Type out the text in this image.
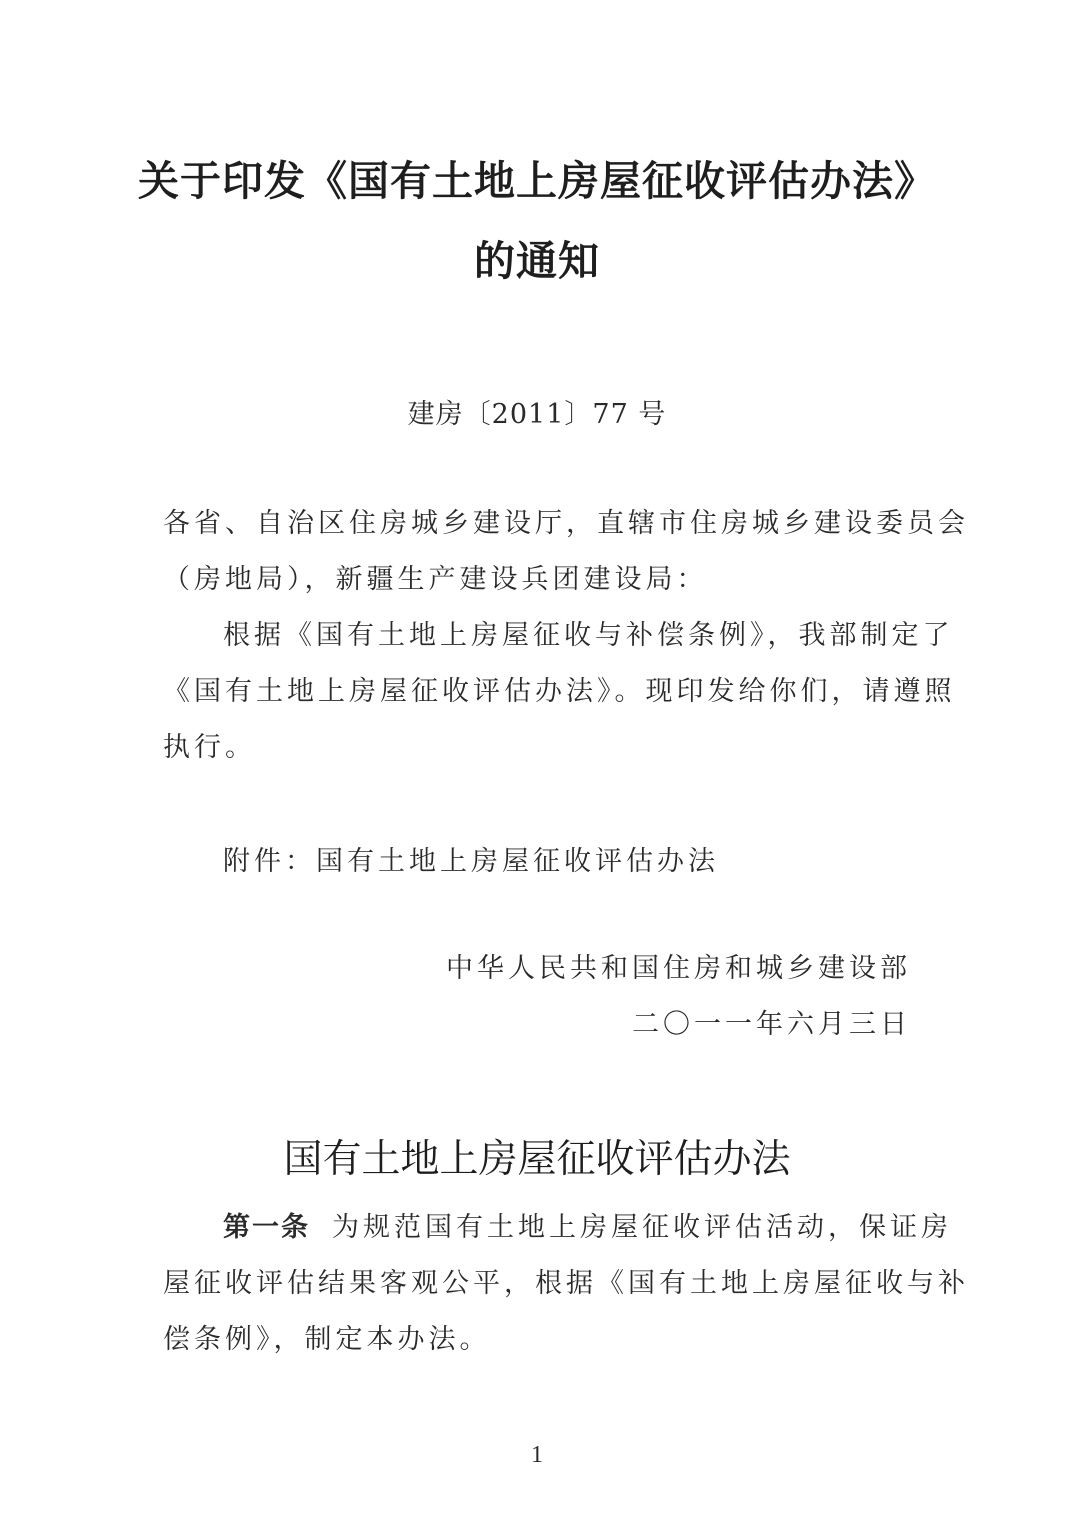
关于印发《国有土地上房屋征收评估办法》
的通知
建房〔2011〕77 号
各省、自治区住房城乡建设厅，直辖市住房城乡建设委员会
（房地局），新疆生产建设兵团建设局：
根据《国有土地上房屋征收与补偿条例》，我部制定了
《国有土地上房屋征收评估办法》。现印发给你们，请遵照
执行。
附件：国有土地上房屋征收评估办法
中华人民共和国住房和城乡建设部
二〇一一年六月三日
国有土地上房屋征收评估办法
第一条 为规范国有土地上房屋征收评估活动，保证房
屋征收评估结果客观公平，根据《国有土地上房屋征收与补
偿条例》，制定本办法。
1
